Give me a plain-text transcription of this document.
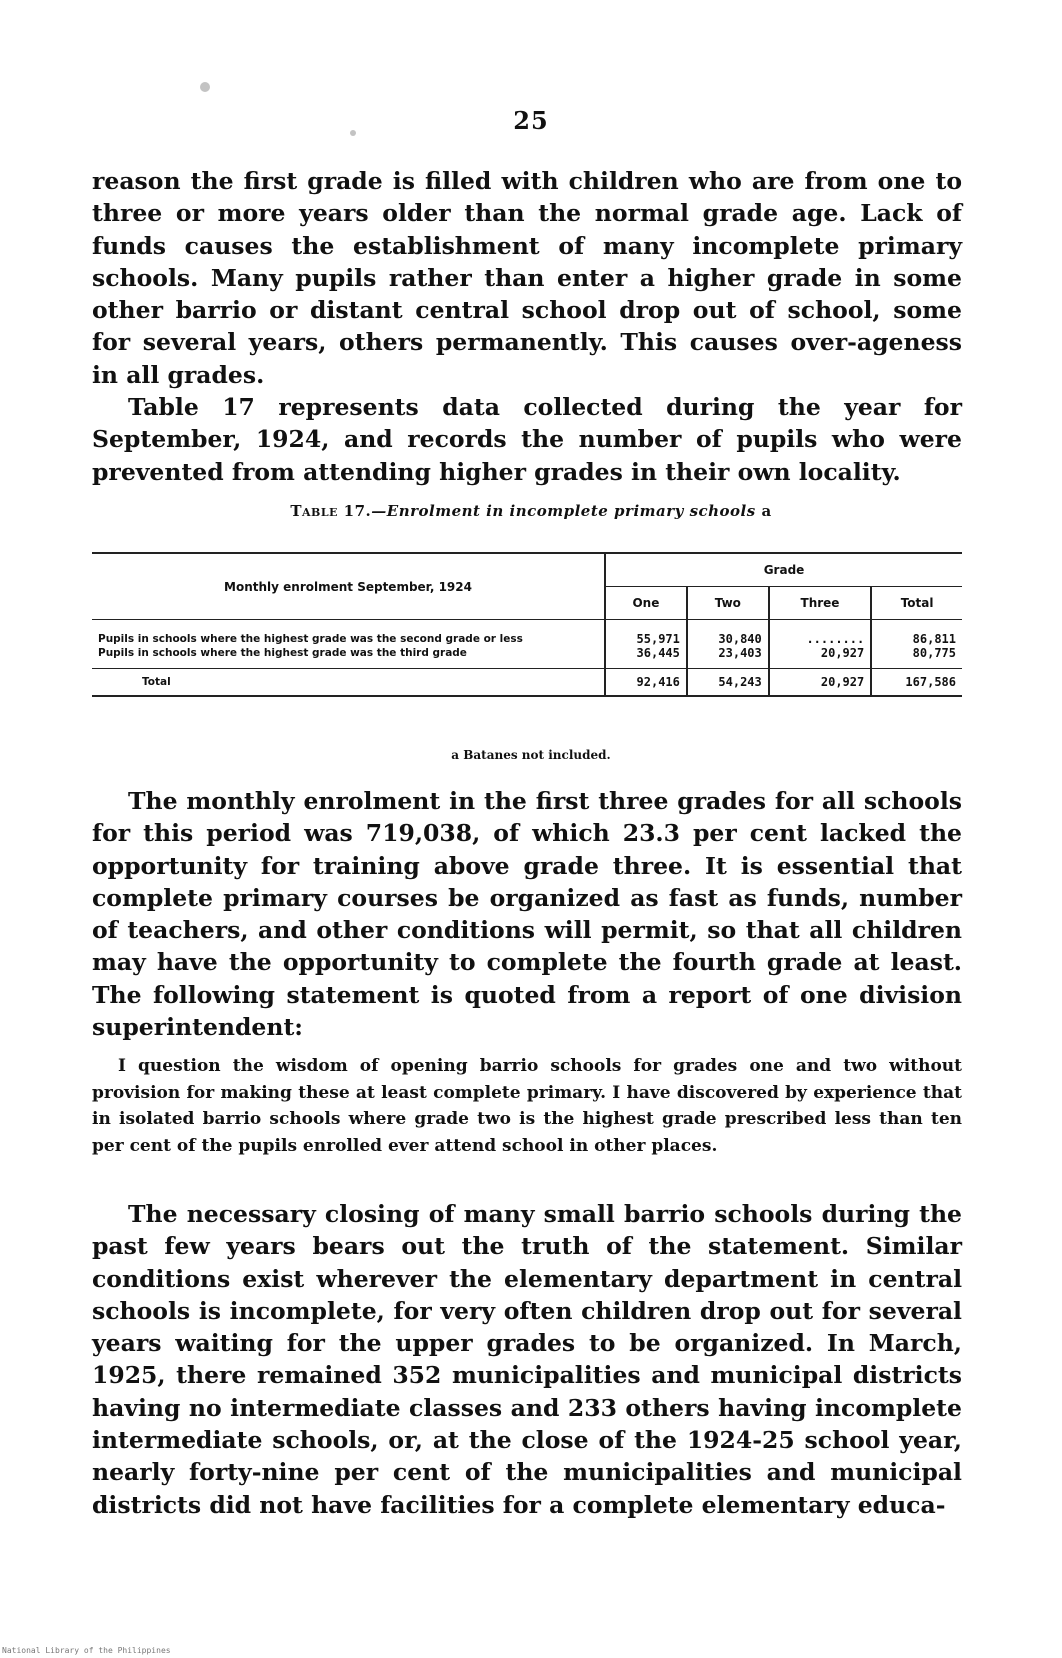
25

reason the first grade is filled with children who are from one to three or more years older than the normal grade age. Lack of funds causes the establishment of many incomplete primary schools. Many pupils rather than enter a higher grade in some other barrio or distant central school drop out of school, some for several years, others permanently. This causes over-ageness in all grades.

Table 17 represents data collected during the year for September, 1924, and records the number of pupils who were prevented from attending higher grades in their own locality.

Table 17.—Enrolment in incomplete primary schools a
Monthly enrolment September, 1924	Grade			
	One	Two	Three	Total
Pupils in schools where the highest grade was the second grade or less	55,971	30,840	........	86,811
Pupils in schools where the highest grade was the third grade	36,445	23,403	20,927	80,775
Total	92,416	54,243	20,927	167,586
a Batanes not included.

The monthly enrolment in the first three grades for all schools for this period was 719,038, of which 23.3 per cent lacked the opportunity for training above grade three. It is essential that complete primary courses be organized as fast as funds, number of teachers, and other conditions will permit, so that all children may have the opportunity to complete the fourth grade at least. The following statement is quoted from a report of one division superintendent:

I question the wisdom of opening barrio schools for grades one and two without provision for making these at least complete primary. I have discovered by experience that in isolated barrio schools where grade two is the highest grade prescribed less than ten per cent of the pupils enrolled ever attend school in other places.

The necessary closing of many small barrio schools during the past few years bears out the truth of the statement. Similar conditions exist wherever the elementary department in central schools is incomplete, for very often children drop out for several years waiting for the upper grades to be organized. In March, 1925, there remained 352 municipalities and municipal districts having no intermediate classes and 233 others having incomplete intermediate schools, or, at the close of the 1924-25 school year, nearly forty-nine per cent of the municipalities and municipal districts did not have facilities for a complete elementary educa-

National Library of the Philippines
